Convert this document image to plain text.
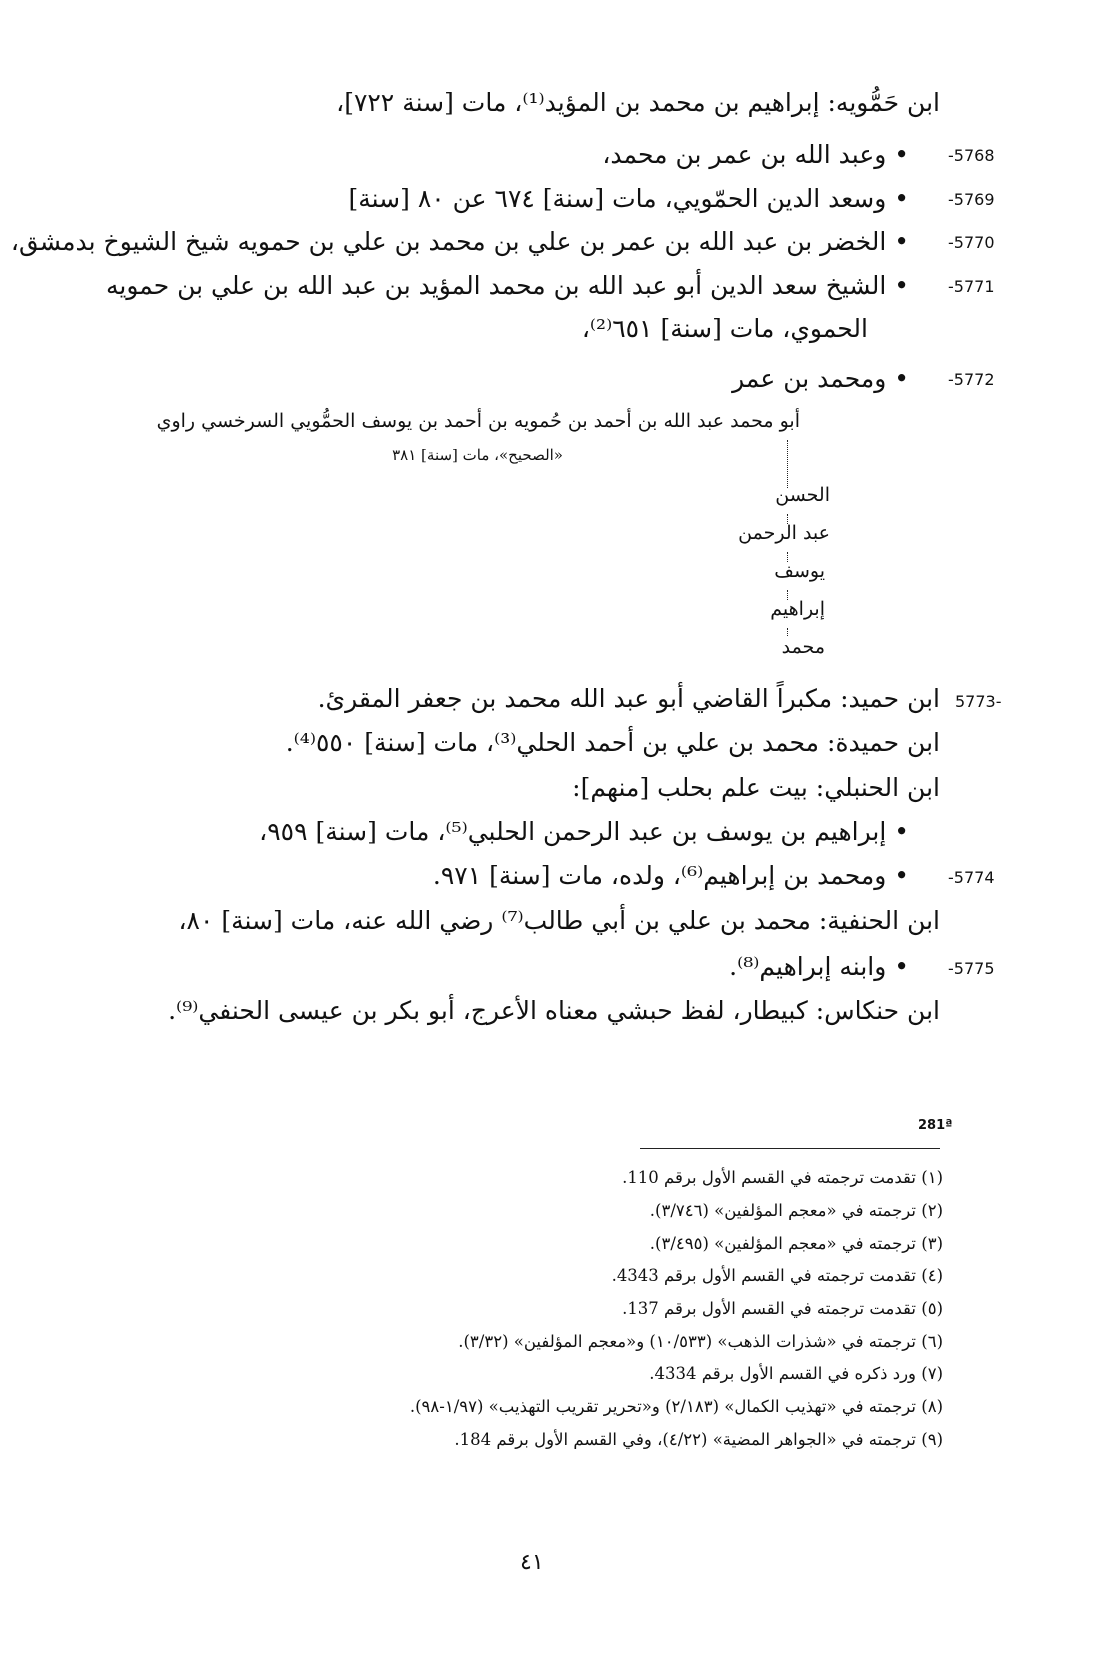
ابن حَمُّويه: إبراهيم بن محمد بن المؤيد⁽¹⁾، مات [سنة ٧٢٢]،
-5768
• وعبد الله بن عمر بن محمد،
-5769
• وسعد الدين الحمّويي، مات [سنة] ٦٧٤ عن ٨٠ [سنة]
-5770
• الخضر بن عبد الله بن عمر بن علي بن محمد بن علي بن حمويه شيخ الشيوخ بدمشق،
-5771
• الشيخ سعد الدين أبو عبد الله بن محمد المؤيد بن عبد الله بن علي بن حمويه
الحموي، مات [سنة] ٦٥١⁽²⁾،
-5772
• ومحمد بن عمر
أبو محمد عبد الله بن أحمد بن حُمويه بن أحمد بن يوسف الحمُّويي السرخسي راوي
«الصحيح»، مات [سنة] ٣٨١
الحسن
عبد الرحمن
يوسف
إبراهيم
محمد
5773-
ابن حميد: مكبراً القاضي أبو عبد الله محمد بن جعفر المقرئ.
ابن حميدة: محمد بن علي بن أحمد الحلي⁽³⁾، مات [سنة] ٥٥٠⁽⁴⁾.
ابن الحنبلي: بيت علم بحلب [منهم]:
• إبراهيم بن يوسف بن عبد الرحمن الحلبي⁽⁵⁾، مات [سنة] ٩٥٩،
-5774
• ومحمد بن إبراهيم⁽⁶⁾، ولده، مات [سنة] ٩٧١.
ابن الحنفية: محمد بن علي بن أبي طالب⁽⁷⁾ رضي الله عنه، مات [سنة] ٨٠،
-5775
• وابنه إبراهيم⁽⁸⁾.
ابن حنكاس: كبيطار، لفظ حبشي معناه الأعرج، أبو بكر بن عيسى الحنفي⁽⁹⁾.
281ª
(١) تقدمت ترجمته في القسم الأول برقم 110.
(٢) ترجمته في «معجم المؤلفين» (٣/٧٤٦).
(٣) ترجمته في «معجم المؤلفين» (٣/٤٩٥).
(٤) تقدمت ترجمته في القسم الأول برقم 4343.
(٥) تقدمت ترجمته في القسم الأول برقم 137.
(٦) ترجمته في «شذرات الذهب» (١٠/٥٣٣) و«معجم المؤلفين» (٣/٣٢).
(٧) ورد ذكره في القسم الأول برقم 4334.
(٨) ترجمته في «تهذيب الكمال» (٢/١٨٣) و«تحرير تقريب التهذيب» (١/٩٧-٩٨).
(٩) ترجمته في «الجواهر المضية» (٤/٢٢)، وفي القسم الأول برقم 184.
٤١
